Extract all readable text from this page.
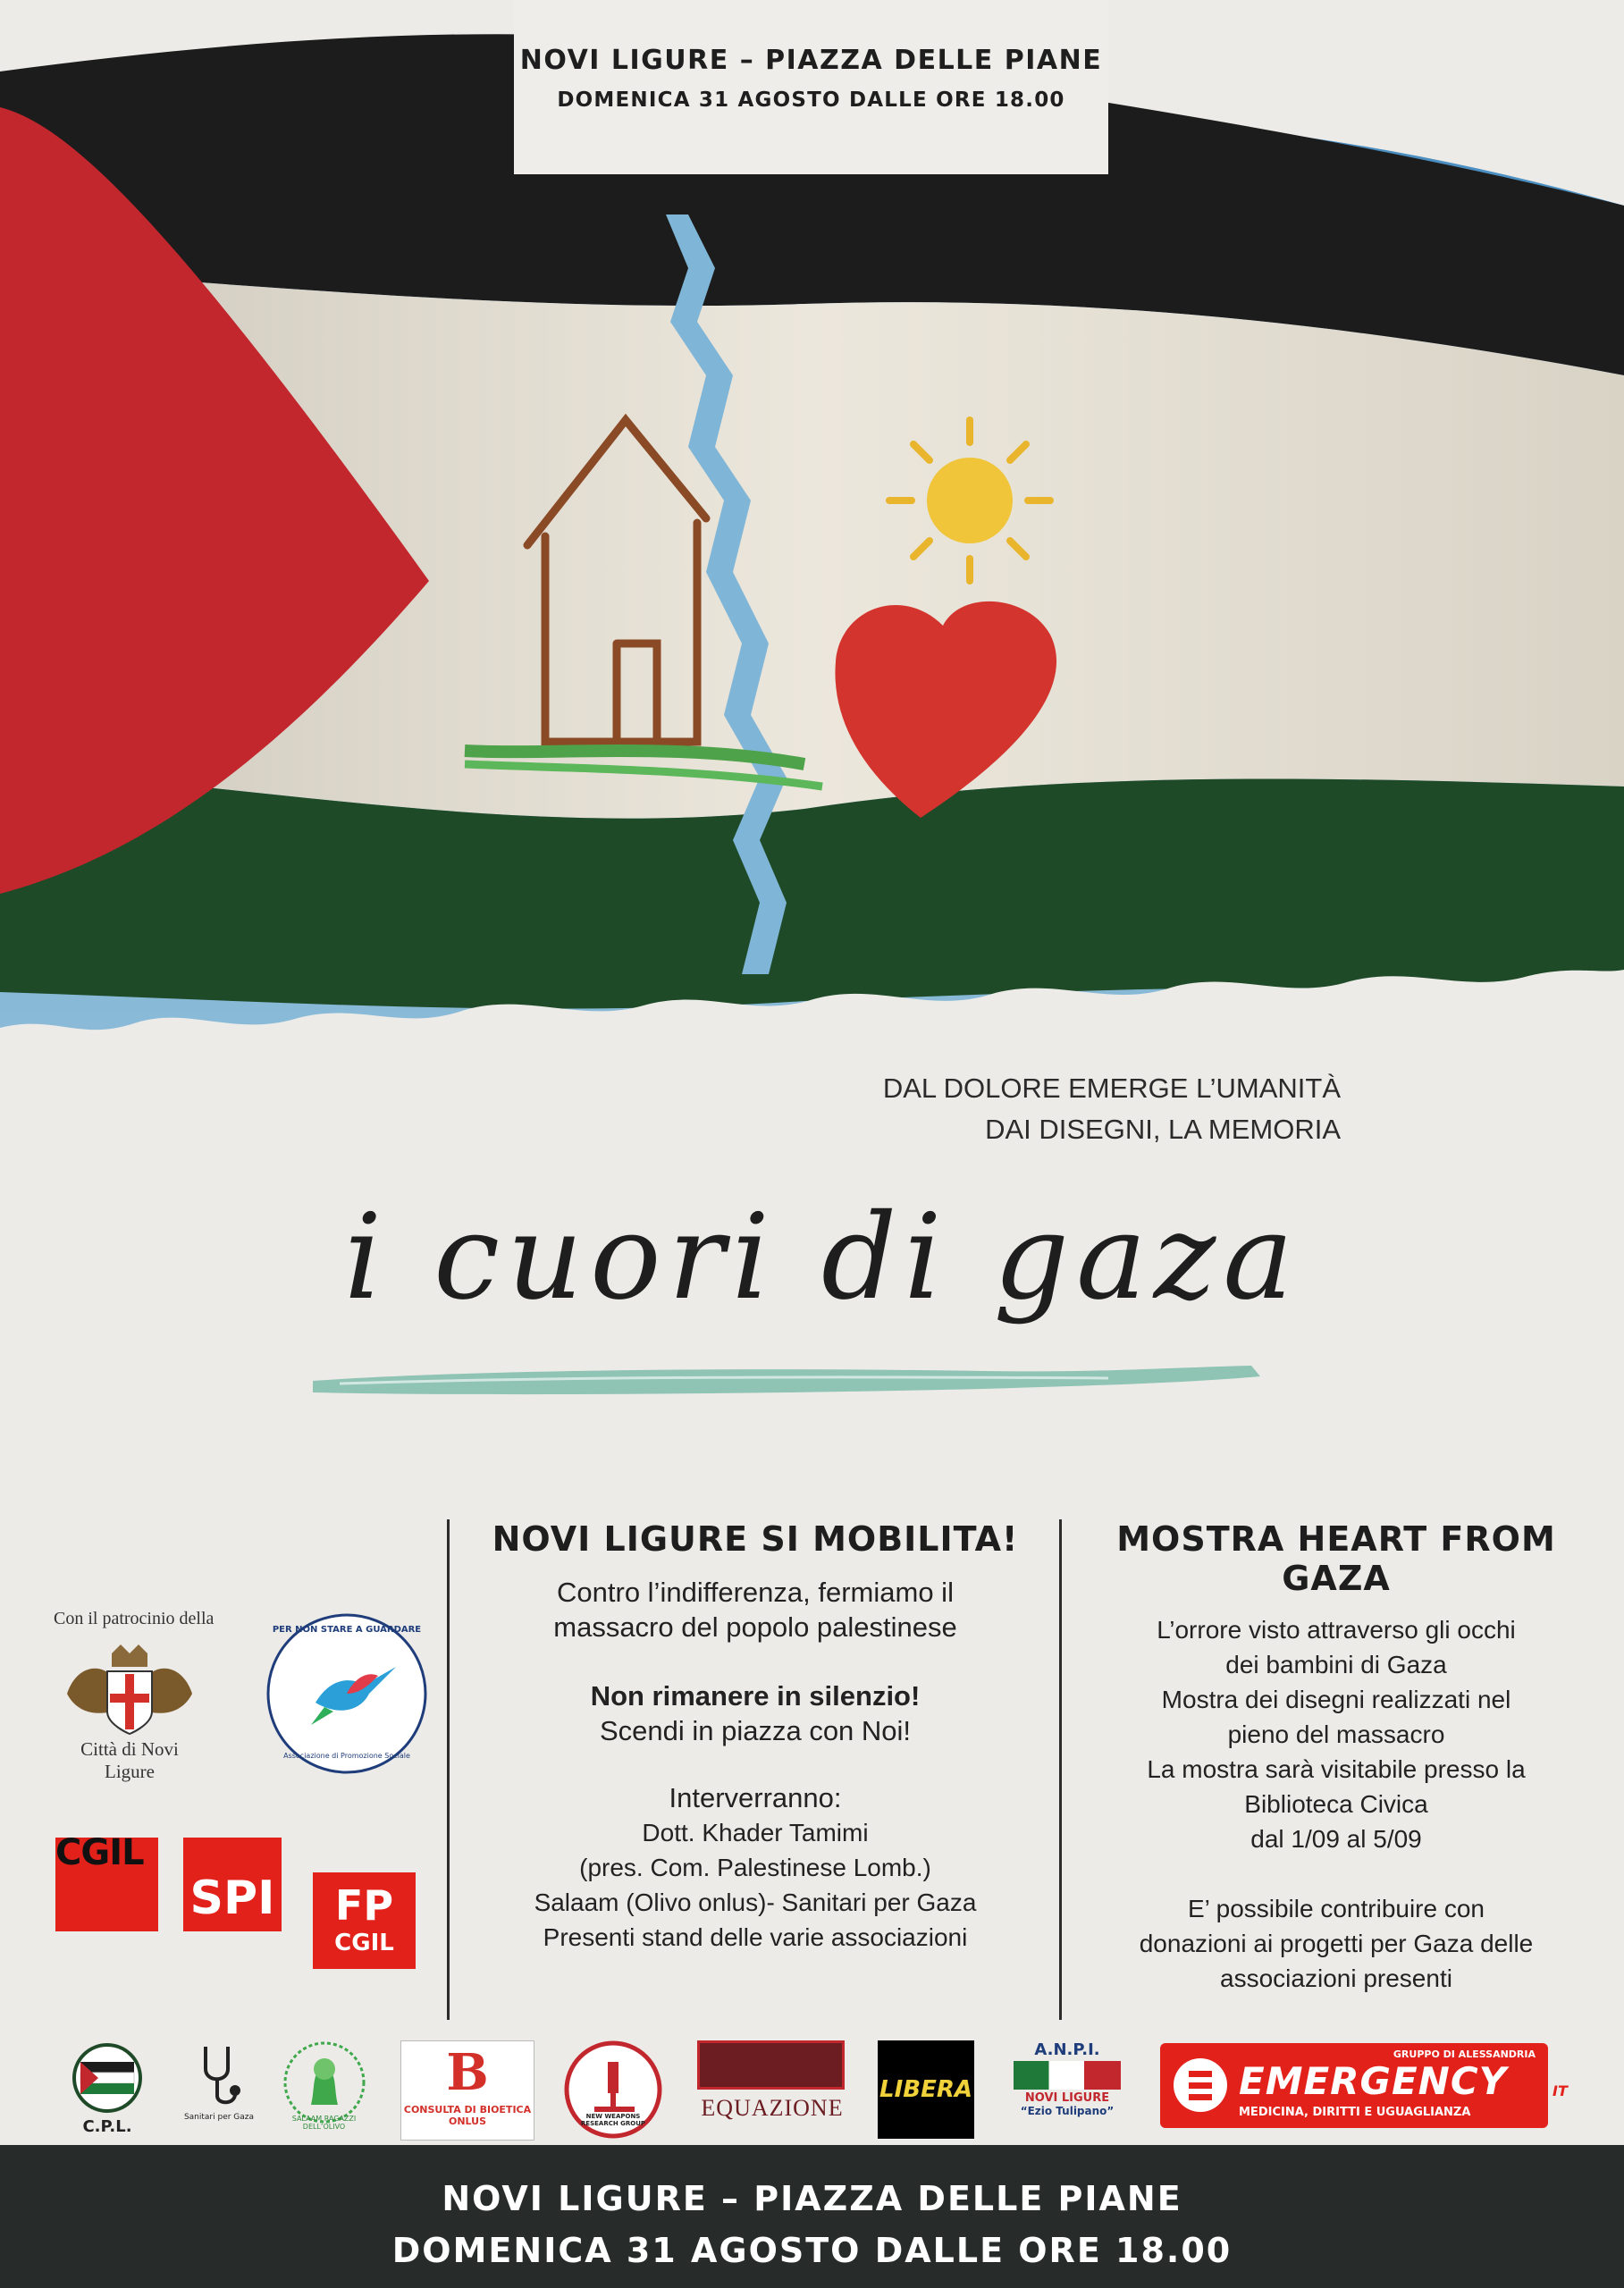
NOVI LIGURE – PIAZZA DELLE PIANE
DOMENICA 31 AGOSTO DALLE ORE 18.00
DAL DOLORE EMERGE L’UMANITÀ
DAI DISEGNI, LA MEMORIA
i cuori di gaza
NOVI LIGURE SI MOBILITA!
Contro l’indifferenza, fermiamo il
massacro del popolo palestinese
Non rimanere in silenzio!
Scendi in piazza con Noi!
Interverranno:
Dott. Khader Tamimi
(pres. Com. Palestinese Lomb.)
Salaam (Olivo onlus)- Sanitari per Gaza
Presenti stand delle varie associazioni
MOSTRA HEART FROM GAZA
L’orrore visto attraverso gli occhi
dei bambini di Gaza
Mostra dei disegni realizzati nel
pieno del massacro
La mostra sarà visitabile presso la
Biblioteca Civica
dal 1/09 al 5/09
E’ possibile contribuire con
donazioni ai progetti per Gaza delle
associazioni presenti
Con il patrocinio della
Città di Novi Ligure
PER NON STARE A GUARDARE
Associazione di Promozione Sociale
CGIL
SPI	FP
CGIL
C.P.L.	Sanitari per Gaza	SALAAM RAGAZZI DELL’OLIVO
B
CONSULTA DI BIOETICA ONLUS	NEW WEAPONS RESEARCH GROUP
EQUAZIONE
LIBERA
A.N.P.I.
NOVI LIGURE
“Ezio Tulipano”
GRUPPO DI ALESSANDRIA
EMERGENCY
MEDICINA, DIRITTI E UGUAGLIANZA
IT
NOVI LIGURE – PIAZZA DELLE PIANE
DOMENICA 31 AGOSTO DALLE ORE 18.00
